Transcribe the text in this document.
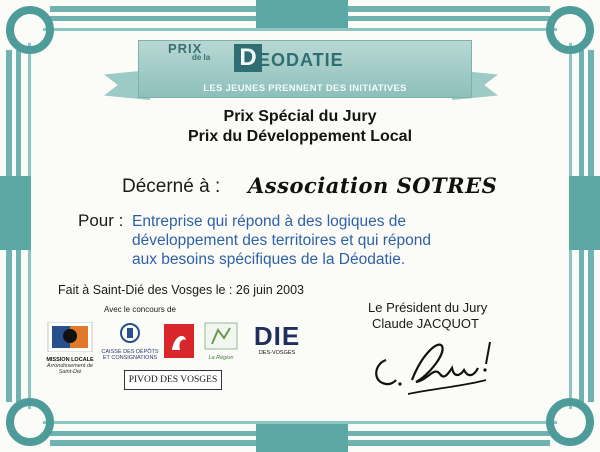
PRIX
de la D EODATIE
LES JEUNES PRENNENT DES INITIATIVES
Prix Spécial du Jury
Prix du Développement Local
Décerné à : Association SOTRES
Pour : Entreprise qui répond à des logiques de
développement des territoires et qui répond
aux besoins spécifiques de la Déodatie.
Fait à Saint-Dié des Vosges le : 26 juin 2003
Avec le concours de
MISSION LOCALE
Arrondissement de Saint-Dié
CAISSE DES DÉPÔTS
ET CONSIGNATIONS	La Région
DIE
DES-VOSGES
PIVOD DES VOSGES
Le Président du Jury
Claude JACQUOT
